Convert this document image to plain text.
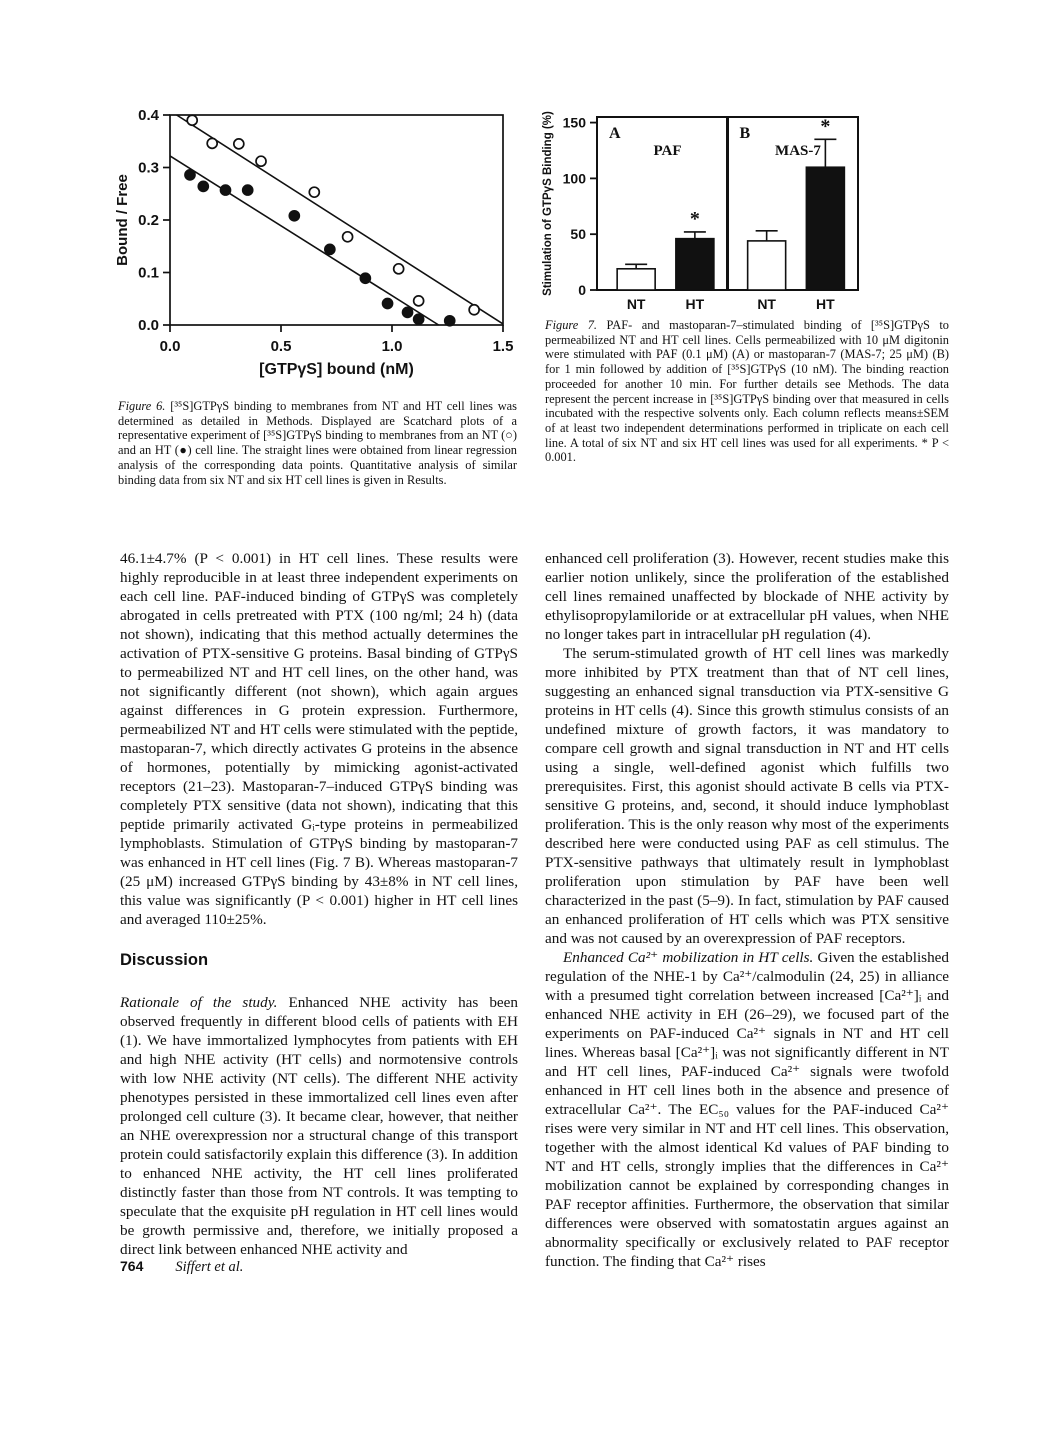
0.0	0.5	1.0	1.5
0.0
0.1
0.2
0.3
0.4
Bound / Free
[GTPγS] bound (nM)
Figure 6. [³⁵S]GTPγS binding to membranes from NT and HT cell lines was determined as detailed in Methods. Displayed are Scatchard plots of a representative experiment of [³⁵S]GTPγS binding to membranes from an NT (○) and an HT (●) cell line. The straight lines were obtained from linear regression analysis of the corresponding data points. Quantitative analysis of similar binding data from six NT and six HT cell lines is given in Results.
0
50
100
150
A
PAF
NT
*
HT
B
MAS-7
NT
*
HT
Stimulation of GTPγS Binding (%)
Figure 7. PAF- and mastoparan-7–stimulated binding of [³⁵S]GTPγS to permeabilized NT and HT cell lines. Cells permeabilized with 10 μM digitonin were stimulated with PAF (0.1 μM) (A) or mastoparan-7 (MAS-7; 25 μM) (B) for 1 min followed by addition of [³⁵S]GTPγS (10 nM). The binding reaction proceeded for another 10 min. For further details see Methods. The data represent the percent increase in [³⁵S]GTPγS binding over that measured in cells incubated with the respective solvents only. Each column reflects means±SEM of at least two independent determinations performed in triplicate on each cell line. A total of six NT and six HT cell lines was used for all experiments. * P < 0.001.

46.1±4.7% (P < 0.001) in HT cell lines. These results were highly reproducible in at least three independent experiments on each cell line. PAF-induced binding of GTPγS was completely abrogated in cells pretreated with PTX (100 ng/ml; 24 h) (data not shown), indicating that this method actually determines the activation of PTX-sensitive G proteins. Basal binding of GTPγS to permeabilized NT and HT cell lines, on the other hand, was not significantly different (not shown), which again argues against differences in G protein expression. Furthermore, permeabilized NT and HT cells were stimulated with the peptide, mastoparan-7, which directly activates G proteins in the absence of hormones, potentially by mimicking agonist-activated receptors (21–23). Mastoparan-7–induced GTPγS binding was completely PTX sensitive (data not shown), indicating that this peptide primarily activated Gᵢ-type proteins in permeabilized lymphoblasts. Stimulation of GTPγS binding by mastoparan-7 was enhanced in HT cell lines (Fig. 7 B). Whereas mastoparan-7 (25 μM) increased GTPγS binding by 43±8% in NT cell lines, this value was significantly (P < 0.001) higher in HT cell lines and averaged 110±25%.

Discussion

Rationale of the study. Enhanced NHE activity has been observed frequently in different blood cells of patients with EH (1). We have immortalized lymphocytes from patients with EH and high NHE activity (HT cells) and normotensive controls with low NHE activity (NT cells). The different NHE activity phenotypes persisted in these immortalized cell lines even after prolonged cell culture (3). It became clear, however, that neither an NHE overexpression nor a structural change of this transport protein could satisfactorily explain this difference (3). In addition to enhanced NHE activity, the HT cell lines proliferated distinctly faster than those from NT controls. It was tempting to speculate that the exquisite pH regulation in HT cell lines would be growth permissive and, therefore, we initially proposed a direct link between enhanced NHE activity and

enhanced cell proliferation (3). However, recent studies make this earlier notion unlikely, since the proliferation of the established cell lines remained unaffected by blockade of NHE activity by ethylisopropylamiloride or at extracellular pH values, when NHE no longer takes part in intracellular pH regulation (4).

The serum-stimulated growth of HT cell lines was markedly more inhibited by PTX treatment than that of NT cell lines, suggesting an enhanced signal transduction via PTX-sensitive G proteins in HT cells (4). Since this growth stimulus consists of an undefined mixture of growth factors, it was mandatory to compare cell growth and signal transduction in NT and HT cells using a single, well-defined agonist which fulfills two prerequisites. First, this agonist should activate B cells via PTX-sensitive G proteins, and, second, it should induce lymphoblast proliferation. This is the only reason why most of the experiments described here were conducted using PAF as cell stimulus. The PTX-sensitive pathways that ultimately result in lymphoblast proliferation upon stimulation by PAF have been well characterized in the past (5–9). In fact, stimulation by PAF caused an enhanced proliferation of HT cells which was PTX sensitive and was not caused by an overexpression of PAF receptors.

Enhanced Ca²⁺ mobilization in HT cells. Given the established regulation of the NHE-1 by Ca²⁺/calmodulin (24, 25) in alliance with a presumed tight correlation between increased [Ca²⁺]ᵢ and enhanced NHE activity in EH (26–29), we focused part of the experiments on PAF-induced Ca²⁺ signals in NT and HT cell lines. Whereas basal [Ca²⁺]ᵢ was not significantly different in NT and HT cell lines, PAF-induced Ca²⁺ signals were twofold enhanced in HT cell lines both in the absence and presence of extracellular Ca²⁺. The EC₅₀ values for the PAF-induced Ca²⁺ rises were very similar in NT and HT cell lines. This observation, together with the almost identical Kd values of PAF binding to NT and HT cells, strongly implies that the differences in Ca²⁺ mobilization cannot be explained by corresponding changes in PAF receptor affinities. Furthermore, the observation that similar differences were observed with somatostatin argues against an abnormality specifically or exclusively related to PAF receptor function. The finding that Ca²⁺ rises

764 Siffert et al.
